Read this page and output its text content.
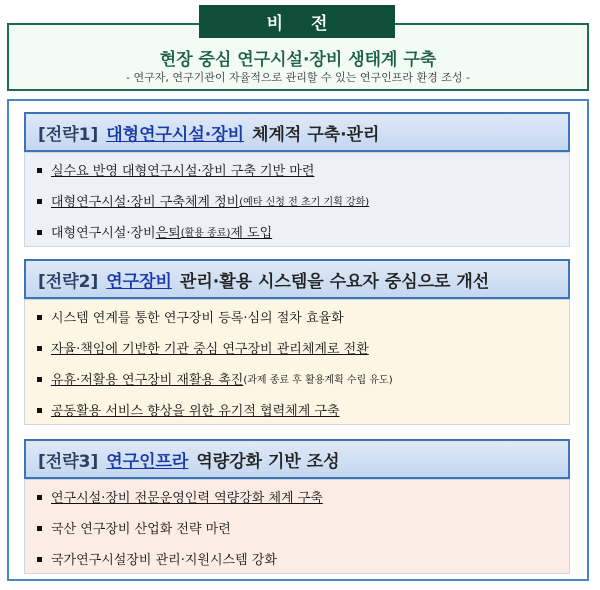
현장 중심 연구시설·장비 생태계 구축
- 연구자, 연구기관이 자율적으로 관리할 수 있는 연구인프라 환경 조성 -
비전
[전략1] 대형연구시설·장비 체계적 구축·관리
실수요 반영 대형연구시설·장비 구축 기반 마련
대형연구시설·장비 구축체계 정비 (예타 신청 전 초기 기획 강화)
대형연구시설·장비 은퇴 (활용 종료) 제 도입
[전략2] 연구장비 관리·활용 시스템을 수요자 중심으로 개선
시스템 연계를 통한 연구장비 등록·심의 절차 효율화
자율·책임에 기반한 기관 중심 연구장비 관리체계로 전환
유휴·저활용 연구장비 재활용 촉진 (과제 종료 후 활용계획 수립 유도)
공동활용 서비스 향상을 위한 유기적 협력체계 구축
[전략3] 연구인프라 역량강화 기반 조성
연구시설·장비 전문운영인력 역량강화 체계 구축
국산 연구장비 산업화 전략 마련
국가연구시설장비 관리·지원시스템 강화
